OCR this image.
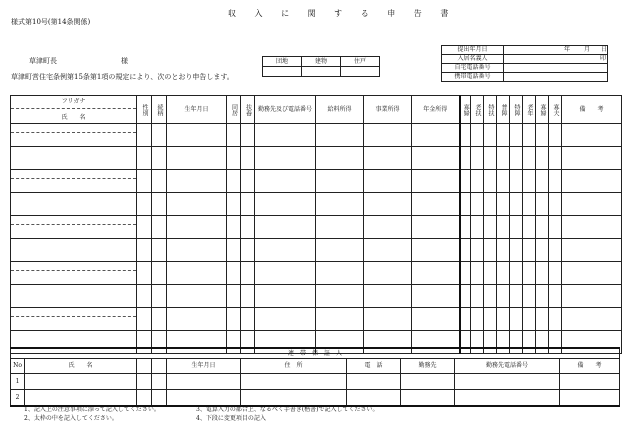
収 入 に 関 す る 申 告 書
様式第10号(第14条関係)
草津町長	様
草津町営住宅条例第15条第1項の規定により、次のとおり申告します。
団地	建物	住戸

提出年月日	年 月 日

入居名義人	印

自宅電話番号	
携帯電話番号	
フリガナ
氏　　名	性別	続柄	生年月日	同居	扶養	勤務先及び電話番号	給料所得	事業所得	年金所得	寡婦	老扶	特扶	普障	特障	老年	寡婦	寡夫	備　　考

連　帯　保　証　人									
No	氏　　名			生年月日	住　所	電　話	勤務先	勤務先電話番号	備　　考
1									
2									
1、記入上の注意事項に添って記入してください。
2、太枠の中を記入してください。
3、電算入力の都合上、なるべく手書き(楷書)で記入してください。
4、下段に変更項目の記入
